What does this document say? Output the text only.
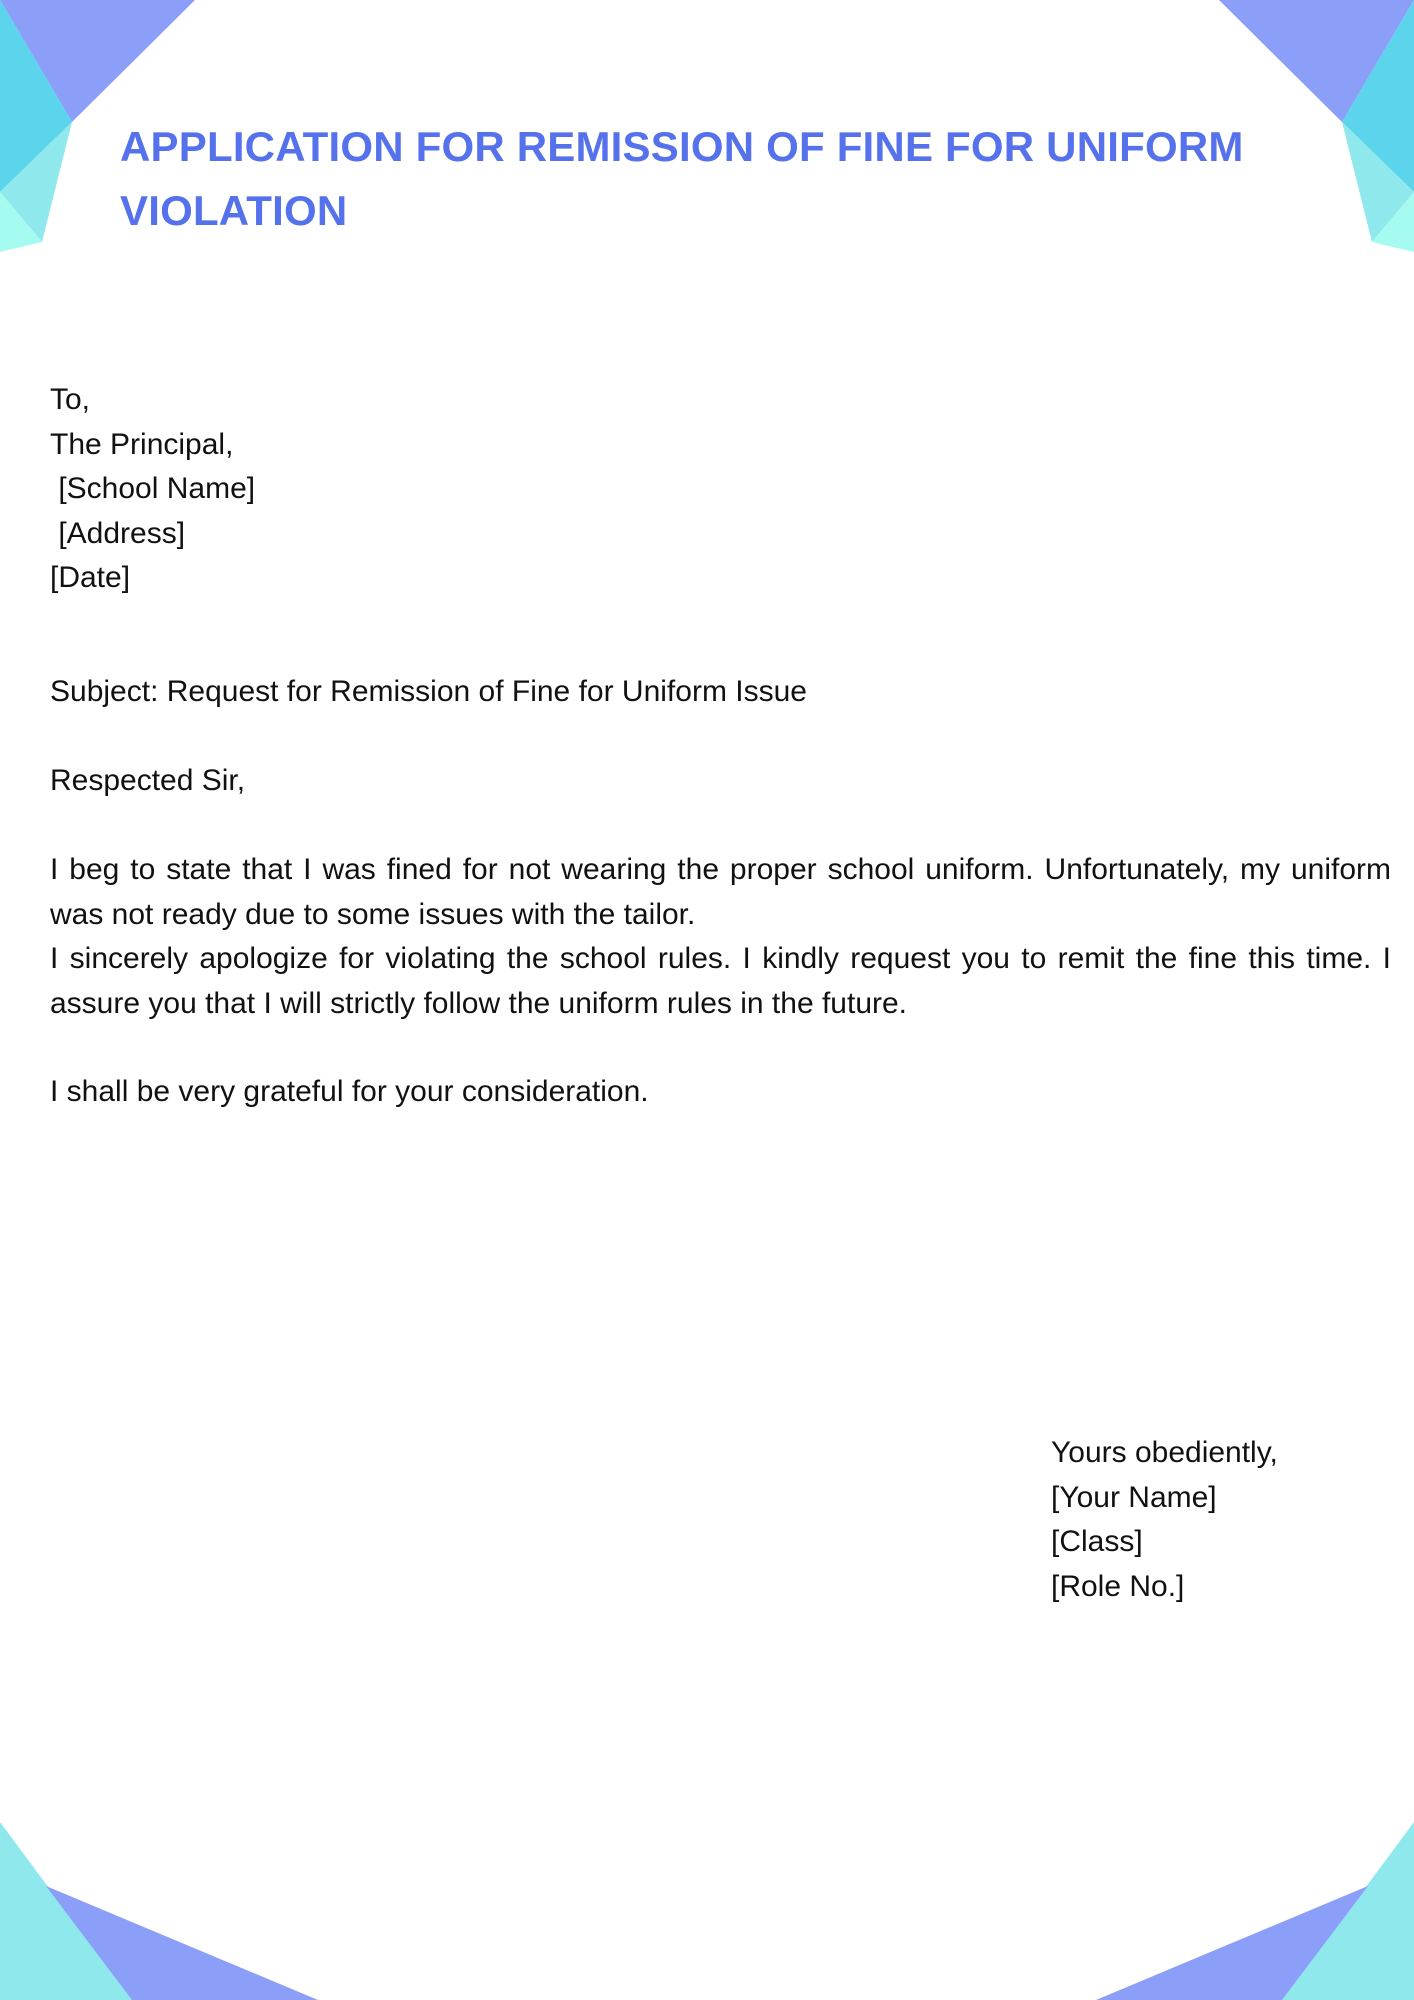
APPLICATION FOR REMISSION OF FINE FOR UNIFORM VIOLATION
To,
The Principal,
[School Name]
[Address]
[Date]
Subject: Request for Remission of Fine for Uniform Issue
Respected Sir,

I beg to state that I was fined for not wearing the proper school uniform. Unfortunately, my uniform was not ready due to some issues with the tailor.

I sincerely apologize for violating the school rules. I kindly request you to remit the fine this time. I assure you that I will strictly follow the uniform rules in the future.

I shall be very grateful for your consideration.
Yours obediently,
[Your Name]
[Class]
[Role No.]
